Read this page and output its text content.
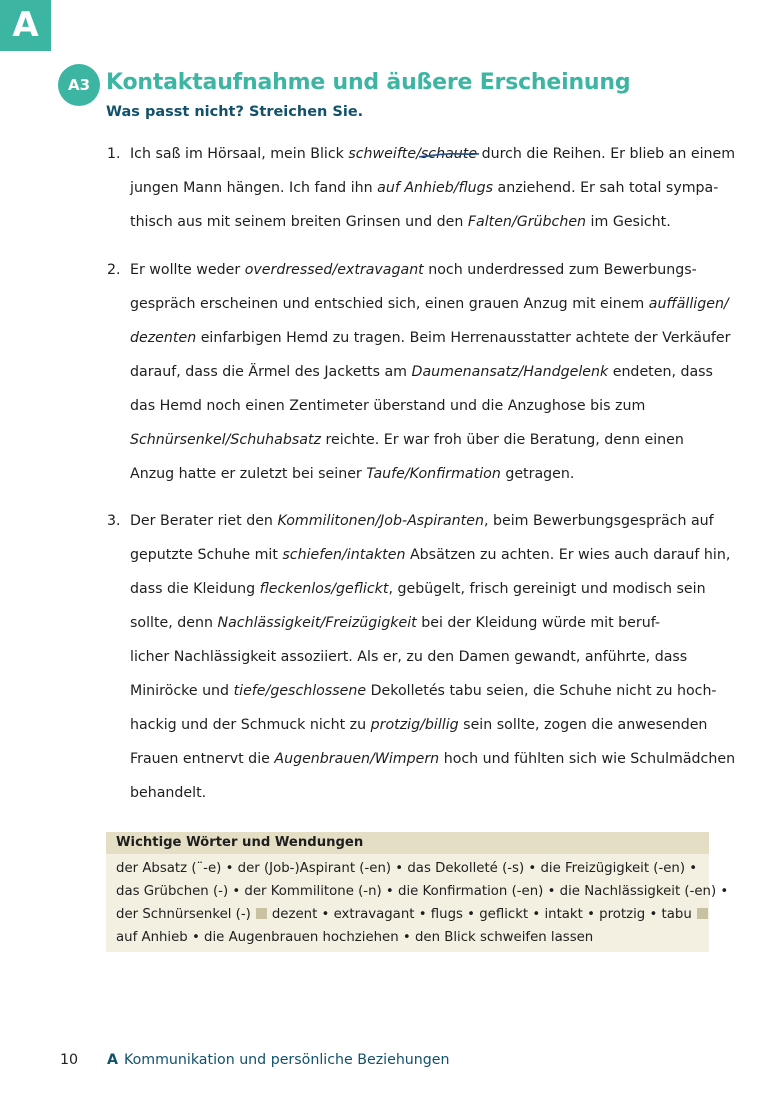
A
A3 Kontaktaufnahme und äußere Erscheinung
Was passt nicht? Streichen Sie.
1. Ich saß im Hörsaal, mein Blick schweifte/schaute
durch die Reihen. Er blieb an einem
jungen Mann hängen. Ich fand ihn auf Anhieb/flugs anziehend. Er sah total sympa-
thisch aus mit seinem breiten Grinsen und den Falten/Grübchen im Gesicht.
2. Er wollte weder overdressed/extravagant noch underdressed zum Bewerbungs-
gespräch erscheinen und entschied sich, einen grauen Anzug mit einem auffälligen/
dezenten einfarbigen Hemd zu tragen. Beim Herrenausstatter achtete der Verkäufer
darauf, dass die Ärmel des Jacketts am Daumenansatz/Handgelenk endeten, dass
das Hemd noch einen Zentimeter überstand und die Anzughose bis zum
Schnürsenkel/Schuhabsatz reichte. Er war froh über die Beratung, denn einen
Anzug hatte er zuletzt bei seiner Taufe/Konfirmation getragen.
3. Der Berater riet den Kommilitonen/Job-Aspiranten, beim Bewerbungsgespräch auf
geputzte Schuhe mit schiefen/intakten Absätzen zu achten. Er wies auch darauf hin,
dass die Kleidung fleckenlos/geflickt, gebügelt, frisch gereinigt und modisch sein
sollte, denn Nachlässigkeit/Freizügigkeit bei der Kleidung würde mit beruf-
licher Nachlässigkeit assoziiert. Als er, zu den Damen gewandt, anführte, dass
Miniröcke und tiefe/geschlossene Dekolletés tabu seien, die Schuhe nicht zu hoch-
hackig und der Schmuck nicht zu protzig/billig sein sollte, zogen die anwesenden
Frauen entnervt die Augenbrauen/Wimpern hoch und fühlten sich wie Schulmädchen
behandelt.
Wichtige Wörter und Wendungen
der Absatz (¨-e) • der (Job-)Aspirant (-en) • das Dekolleté (-s) • die Freizügigkeit (-en) •
das Grübchen (-) • der Kommilitone (-n) • die Konfirmation (-en) • die Nachlässigkeit (-en) •
der Schnürsenkel (-) dezent • extravagant • flugs • geflickt • intakt • protzig • tabu
auf Anhieb • die Augenbrauen hochziehen • den Blick schweifen lassen
10 A Kommunikation und persönliche Beziehungen
